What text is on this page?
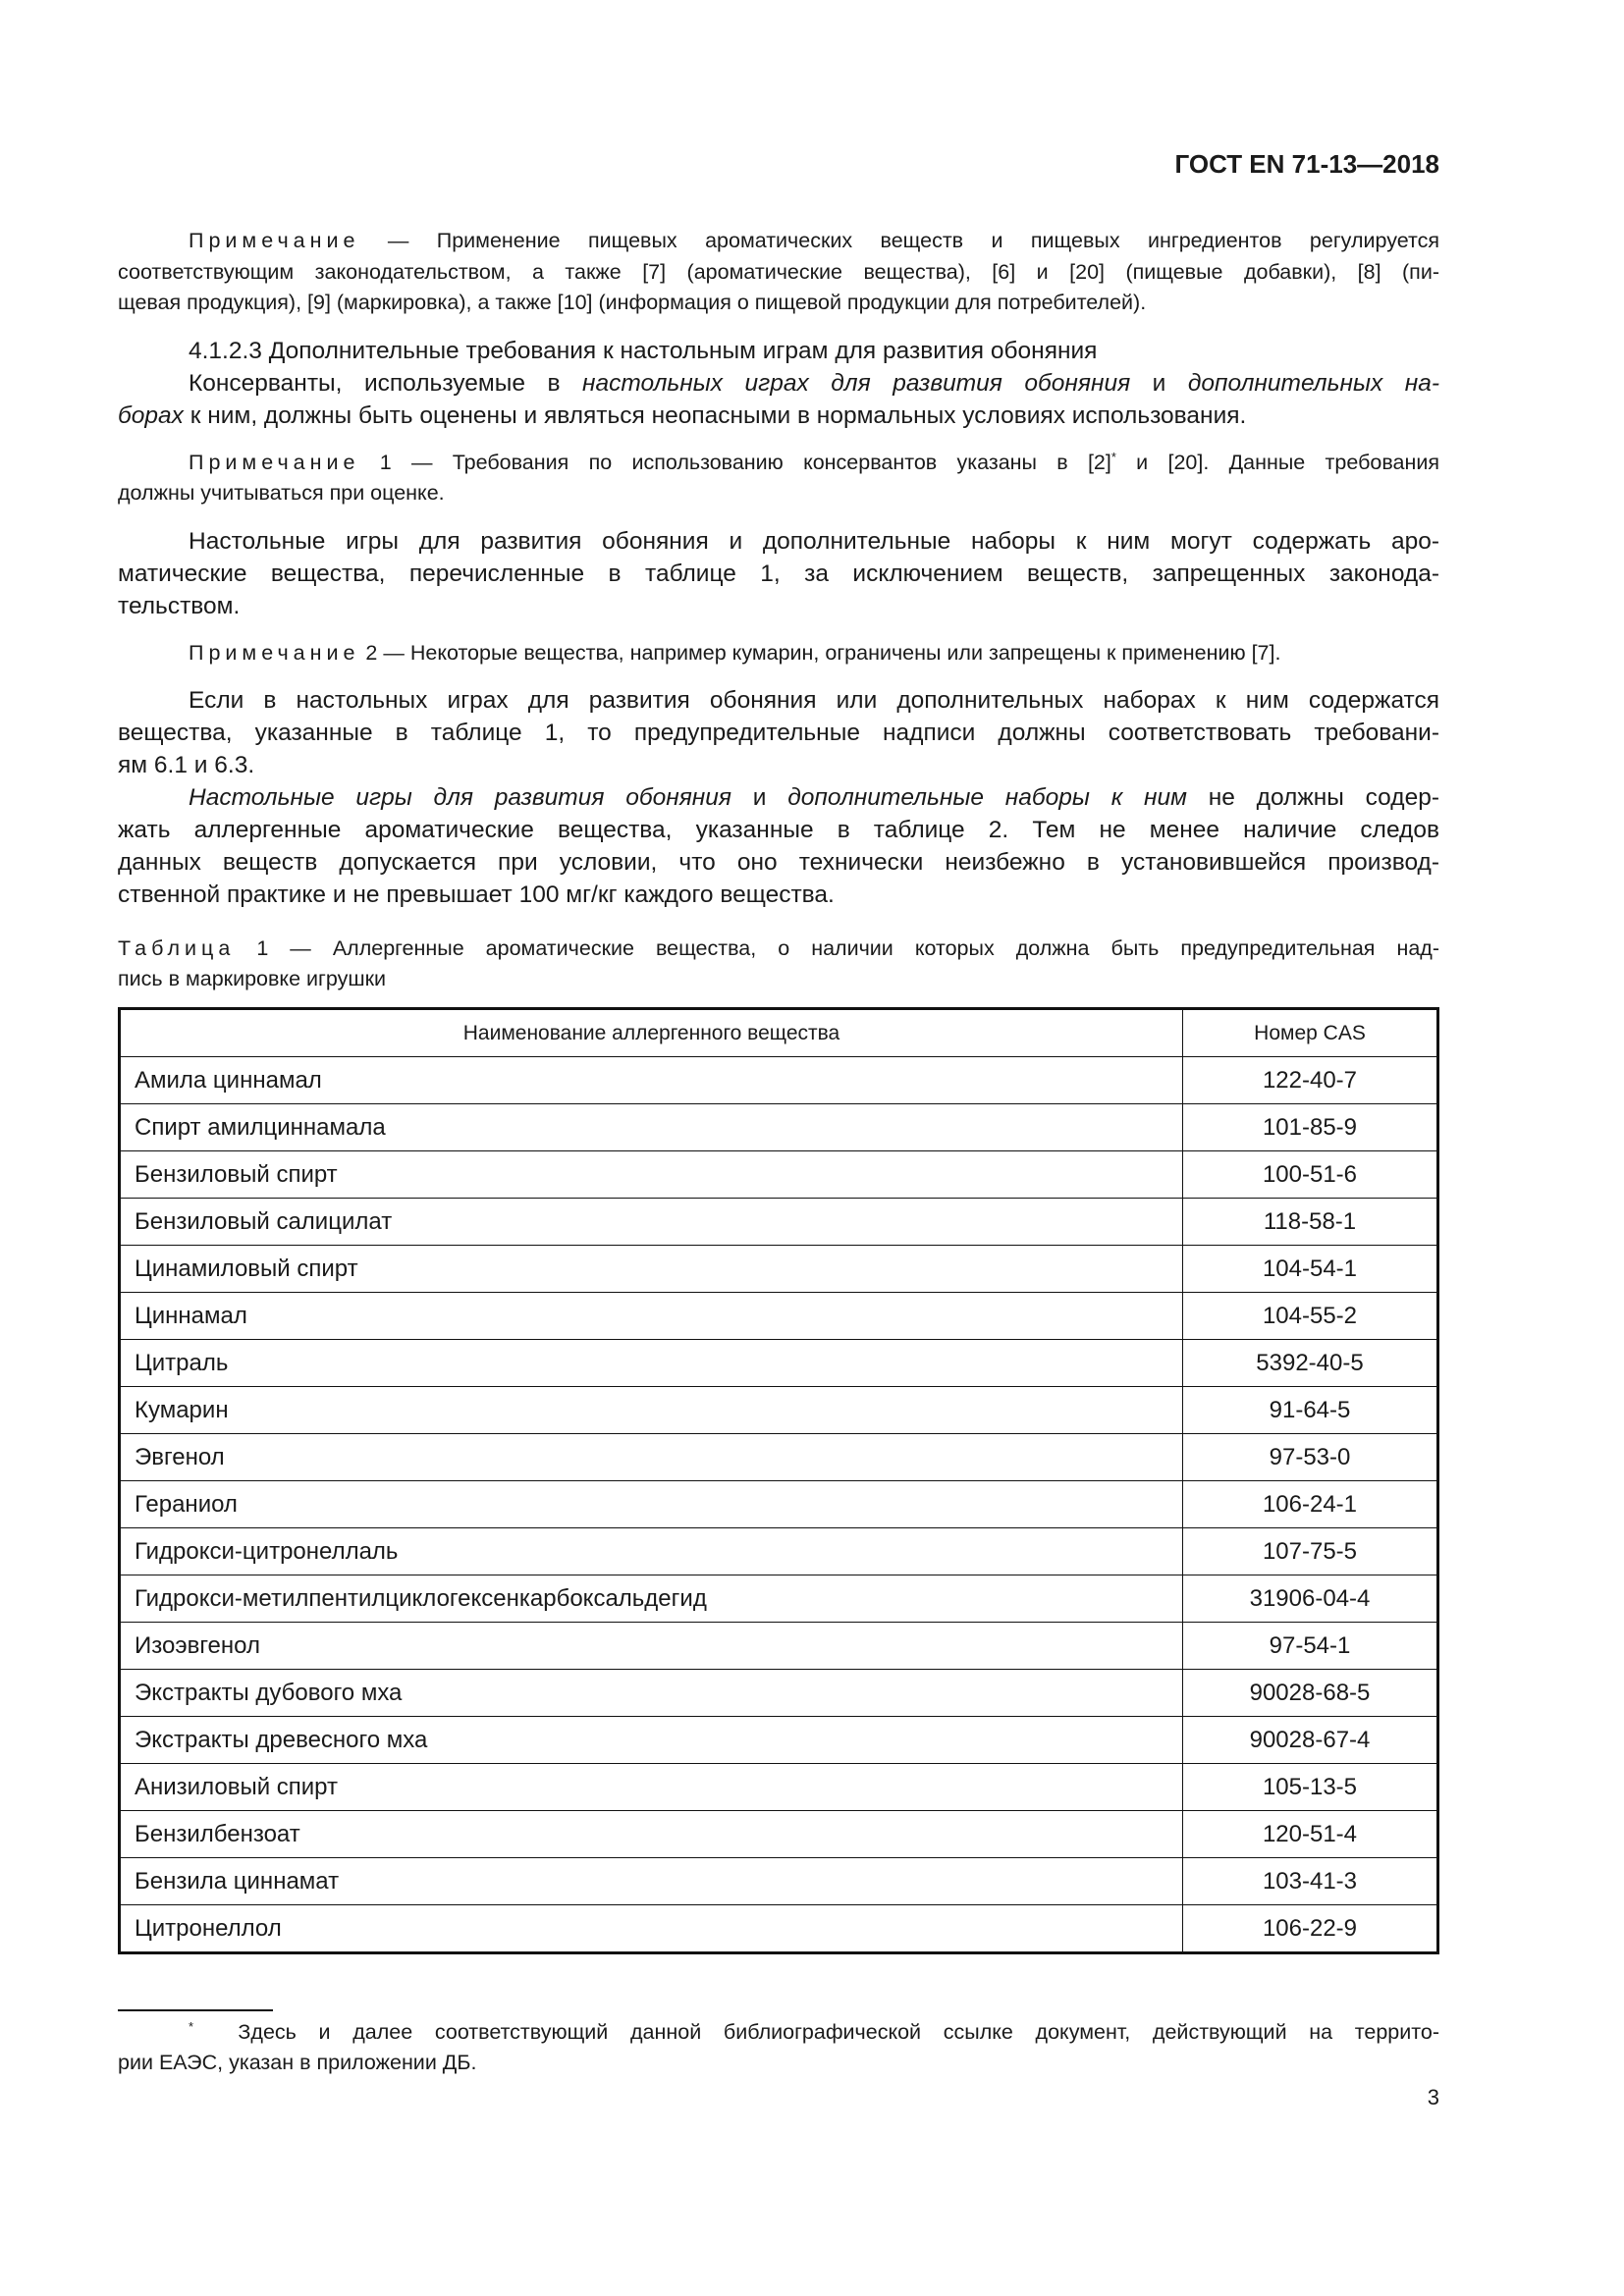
ГОСТ EN 71-13—2018
Примечание — Применение пищевых ароматических веществ и пищевых ингредиентов регулируется
соответствующим законодательством, а также [7] (ароматические вещества), [6] и [20] (пищевые добавки), [8] (пи-
щевая продукция), [9] (маркировка), а также [10] (информация о пищевой продукции для потребителей).
4.1.2.3 Дополнительные требования к настольным играм для развития обоняния
Консерванты, используемые в настольных играх для развития обоняния и дополнительных на-
борах к ним, должны быть оценены и являться неопасными в нормальных условиях использования.
Примечание 1 — Требования по использованию консервантов указаны в [2]* и [20]. Данные требования
должны учитываться при оценке.
Настольные игры для развития обоняния и дополнительные наборы к ним могут содержать аро-
матические вещества, перечисленные в таблице 1, за исключением веществ, запрещенных законода-
тельством.
Примечание 2 — Некоторые вещества, например кумарин, ограничены или запрещены к применению [7].
Если в настольных играх для развития обоняния или дополнительных наборах к ним содержатся
вещества, указанные в таблице 1, то предупредительные надписи должны соответствовать требовани-
ям 6.1 и 6.3.
Настольные игры для развития обоняния и дополнительные наборы к ним не должны содер-
жать аллергенные ароматические вещества, указанные в таблице 2. Тем не менее наличие следов
данных веществ допускается при условии, что оно технически неизбежно в установившейся производ-
ственной практике и не превышает 100 мг/кг каждого вещества.
Таблица 1 — Аллергенные ароматические вещества, о наличии которых должна быть предупредительная над-
пись в маркировке игрушки
Наименование аллергенного вещества	Номер CAS
Амила циннамал	122-40-7
Спирт амилциннамала	101-85-9
Бензиловый спирт	100-51-6
Бензиловый салицилат	118-58-1
Цинамиловый спирт	104-54-1
Циннамал	104-55-2
Цитраль	5392-40-5
Кумарин	91-64-5
Эвгенол	97-53-0
Гераниол	106-24-1
Гидрокси-цитронеллаль	107-75-5
Гидрокси-метилпентилциклогексенкарбоксальдегид	31906-04-4
Изоэвгенол	97-54-1
Экстракты дубового мха	90028-68-5
Экстракты древесного мха	90028-67-4
Анизиловый спирт	105-13-5
Бензилбензоат	120-51-4
Бензила циннамат	103-41-3
Цитронеллол	106-22-9
* Здесь и далее соответствующий данной библиографической ссылке документ, действующий на террито-
рии ЕАЭС, указан в приложении ДБ.
3
